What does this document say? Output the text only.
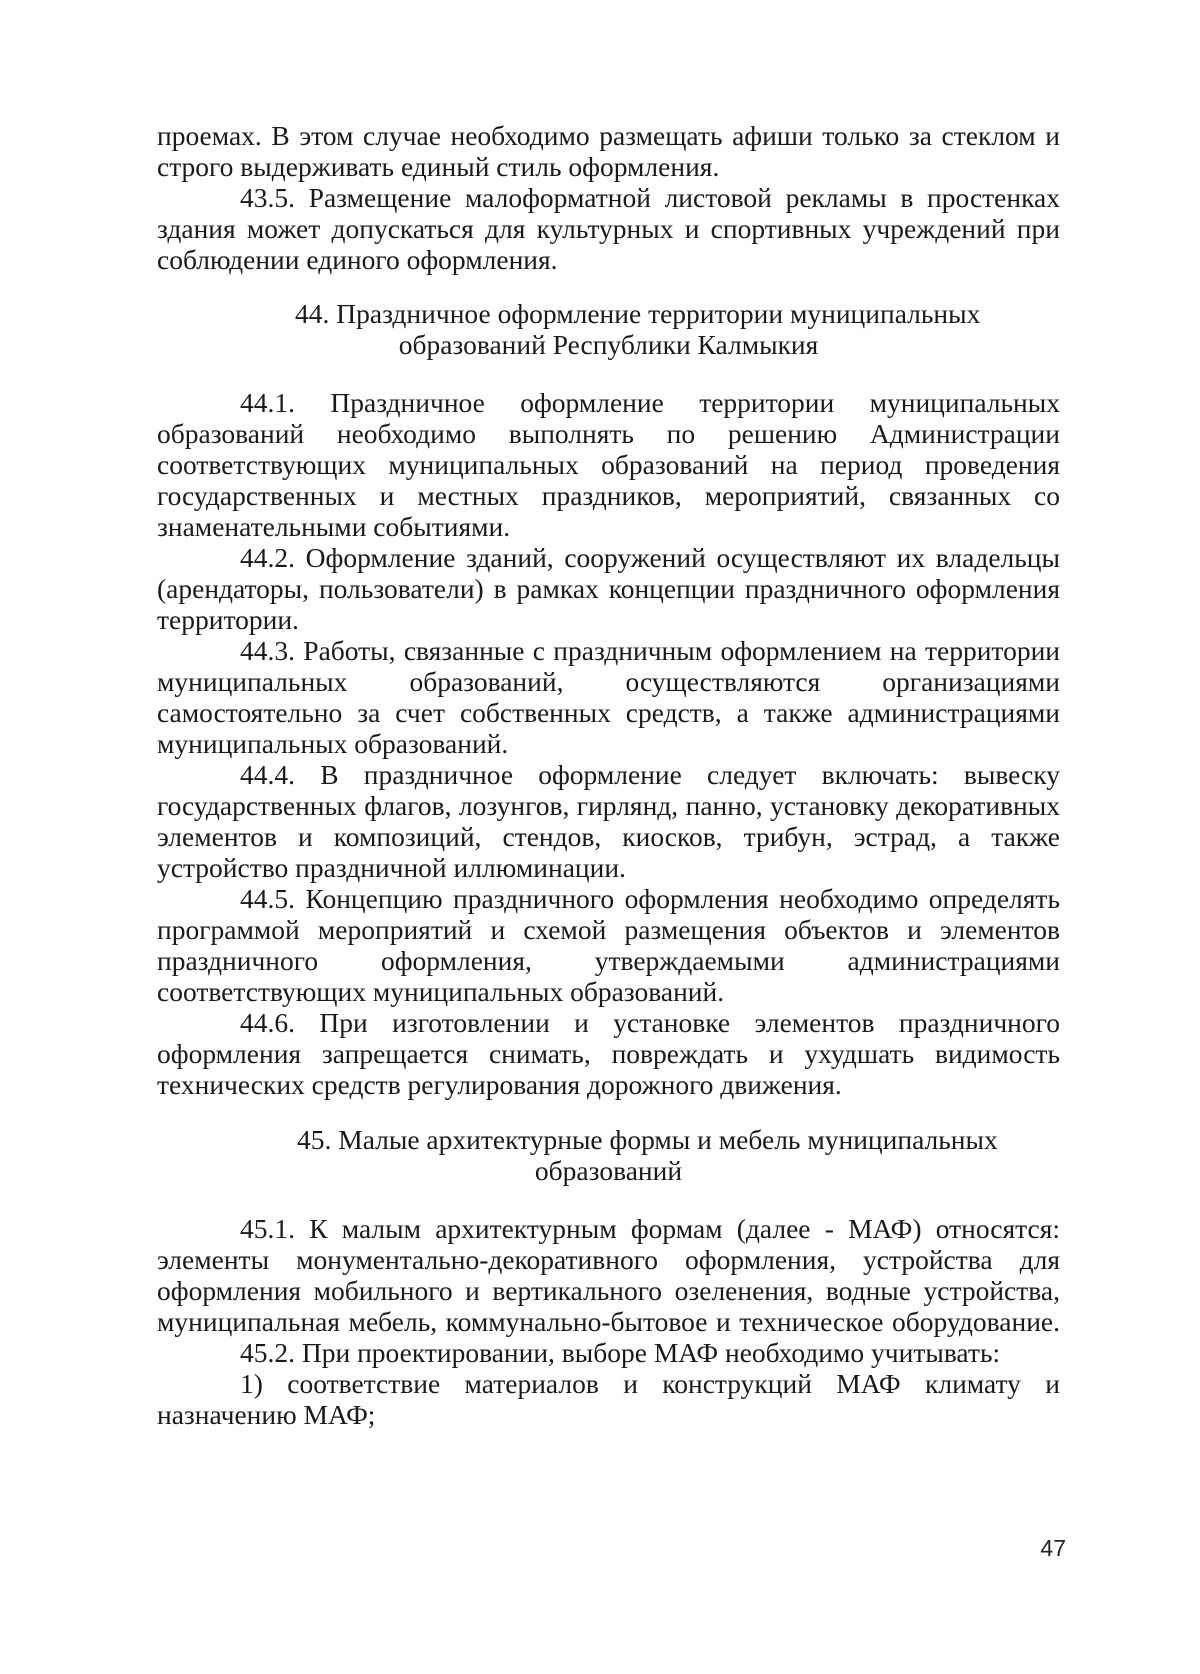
проемах. В этом случае необходимо размещать афиши только за стеклом и
строго выдерживать единый стиль оформления.
43.5. Размещение малоформатной листовой рекламы в простенках
здания может допускаться для культурных и спортивных учреждений при
соблюдении единого оформления.
44. Праздничное оформление территории муниципальных
образований Республики Калмыкия
44.1. Праздничное оформление территории муниципальных
образований необходимо выполнять по решению Администрации
соответствующих муниципальных образований на период проведения
государственных и местных праздников, мероприятий, связанных со
знаменательными событиями.
44.2. Оформление зданий, сооружений осуществляют их владельцы
(арендаторы, пользователи) в рамках концепции праздничного оформления
территории.
44.3. Работы, связанные с праздничным оформлением на территории
муниципальных образований, осуществляются организациями
самостоятельно за счет собственных средств, а также администрациями
муниципальных образований.
44.4. В праздничное оформление следует включать: вывеску
государственных флагов, лозунгов, гирлянд, панно, установку декоративных
элементов и композиций, стендов, киосков, трибун, эстрад, а также
устройство праздничной иллюминации.
44.5. Концепцию праздничного оформления необходимо определять
программой мероприятий и схемой размещения объектов и элементов
праздничного оформления, утверждаемыми администрациями
соответствующих муниципальных образований.
44.6. При изготовлении и установке элементов праздничного
оформления запрещается снимать, повреждать и ухудшать видимость
технических средств регулирования дорожного движения.
45. Малые архитектурные формы и мебель муниципальных
образований
45.1. К малым архитектурным формам (далее - МАФ) относятся:
элементы монументально-декоративного оформления, устройства для
оформления мобильного и вертикального озеленения, водные устройства,
муниципальная мебель, коммунально-бытовое и техническое оборудование.
45.2. При проектировании, выборе МАФ необходимо учитывать:
1) соответствие материалов и конструкций МАФ климату и
назначению МАФ;
47
